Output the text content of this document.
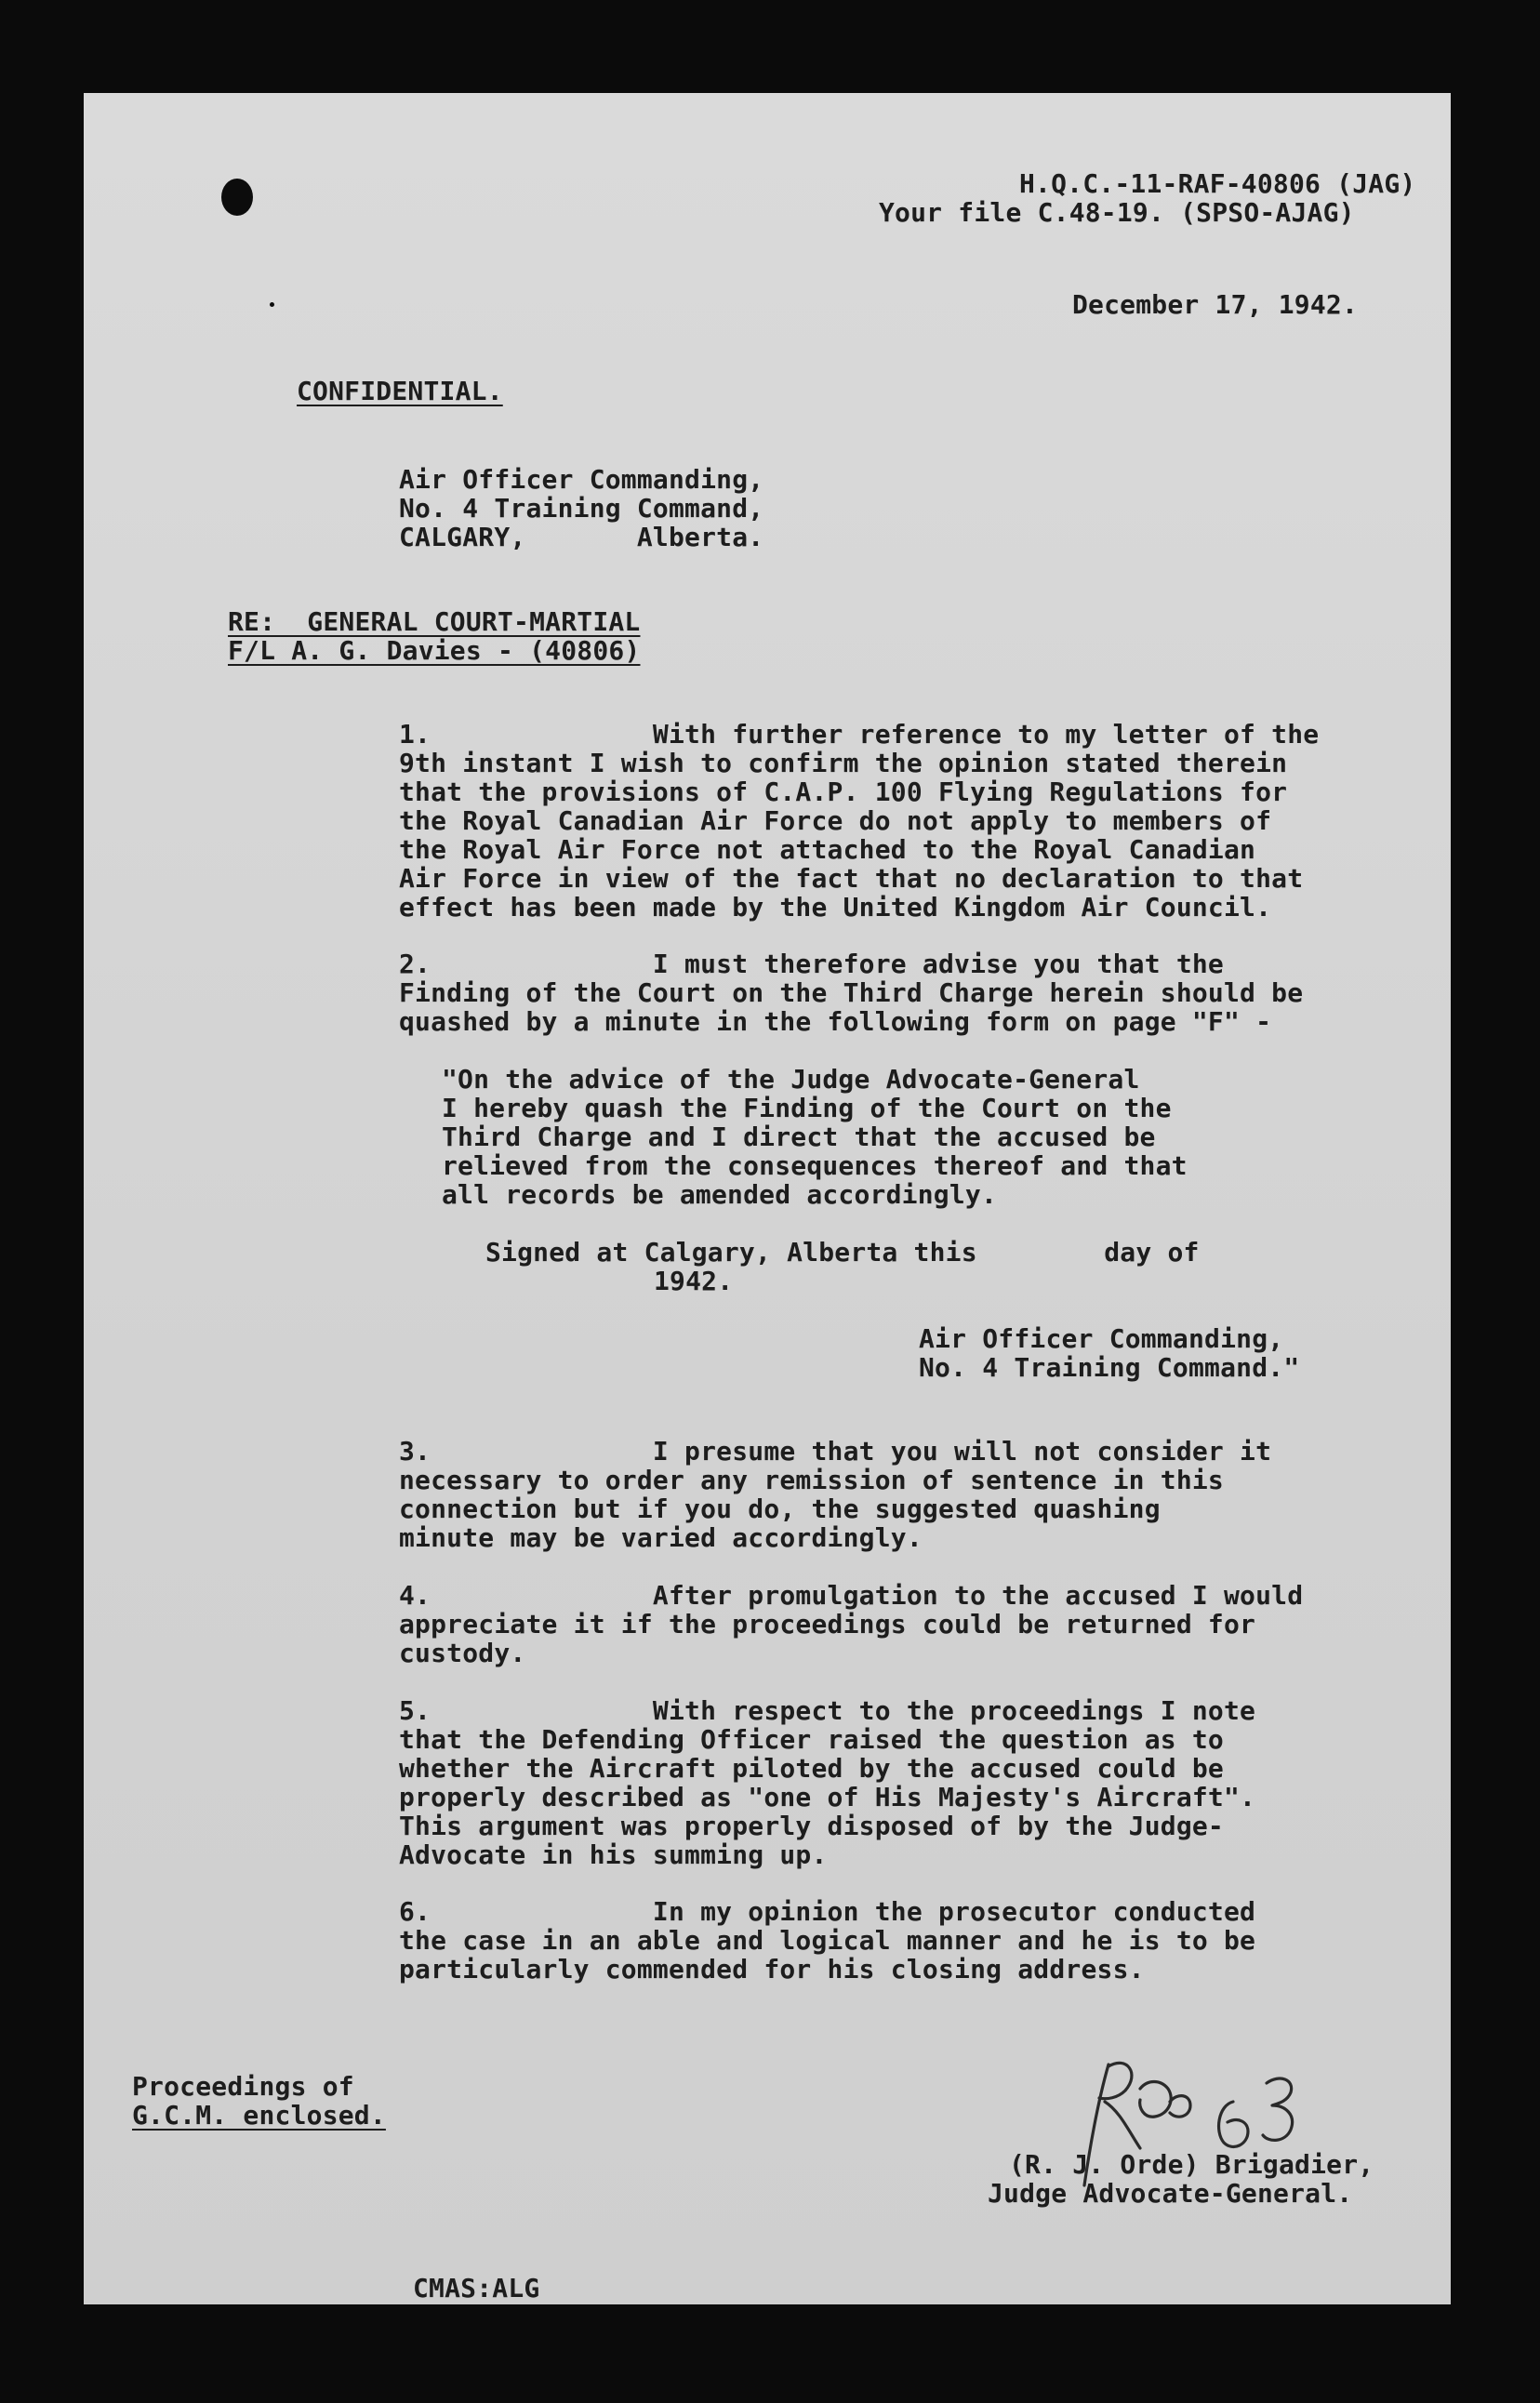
H.Q.C.-11-RAF-40806 (JAG)
Your file C.48-19. (SPSO-AJAG)
December 17, 1942.
CONFIDENTIAL.
Air Officer Commanding,
No. 4 Training Command,
CALGARY,       Alberta.
RE:  GENERAL COURT-MARTIAL
F/L A. G. Davies - (40806)
1.              With further reference to my letter of the
9th instant I wish to confirm the opinion stated therein
that the provisions of C.A.P. 100 Flying Regulations for
the Royal Canadian Air Force do not apply to members of
the Royal Air Force not attached to the Royal Canadian
Air Force in view of the fact that no declaration to that
effect has been made by the United Kingdom Air Council.
2.              I must therefore advise you that the
Finding of the Court on the Third Charge herein should be
quashed by a minute in the following form on page "F" -
"On the advice of the Judge Advocate-General
I hereby quash the Finding of the Court on the
Third Charge and I direct that the accused be
relieved from the consequences thereof and that
all records be amended accordingly.
Signed at Calgary, Alberta this        day of
1942.
Air Officer Commanding,
No. 4 Training Command."
3.              I presume that you will not consider it
necessary to order any remission of sentence in this
connection but if you do, the suggested quashing
minute may be varied accordingly.
4.              After promulgation to the accused I would
appreciate it if the proceedings could be returned for
custody.
5.              With respect to the proceedings I note
that the Defending Officer raised the question as to
whether the Aircraft piloted by the accused could be
properly described as "one of His Majesty's Aircraft".
This argument was properly disposed of by the Judge-
Advocate in his summing up.
6.              In my opinion the prosecutor conducted
the case in an able and logical manner and he is to be
particularly commended for his closing address.
Proceedings of
G.C.M. enclosed.
(R. J. Orde) Brigadier,
Judge Advocate-General.
CMAS:ALG
